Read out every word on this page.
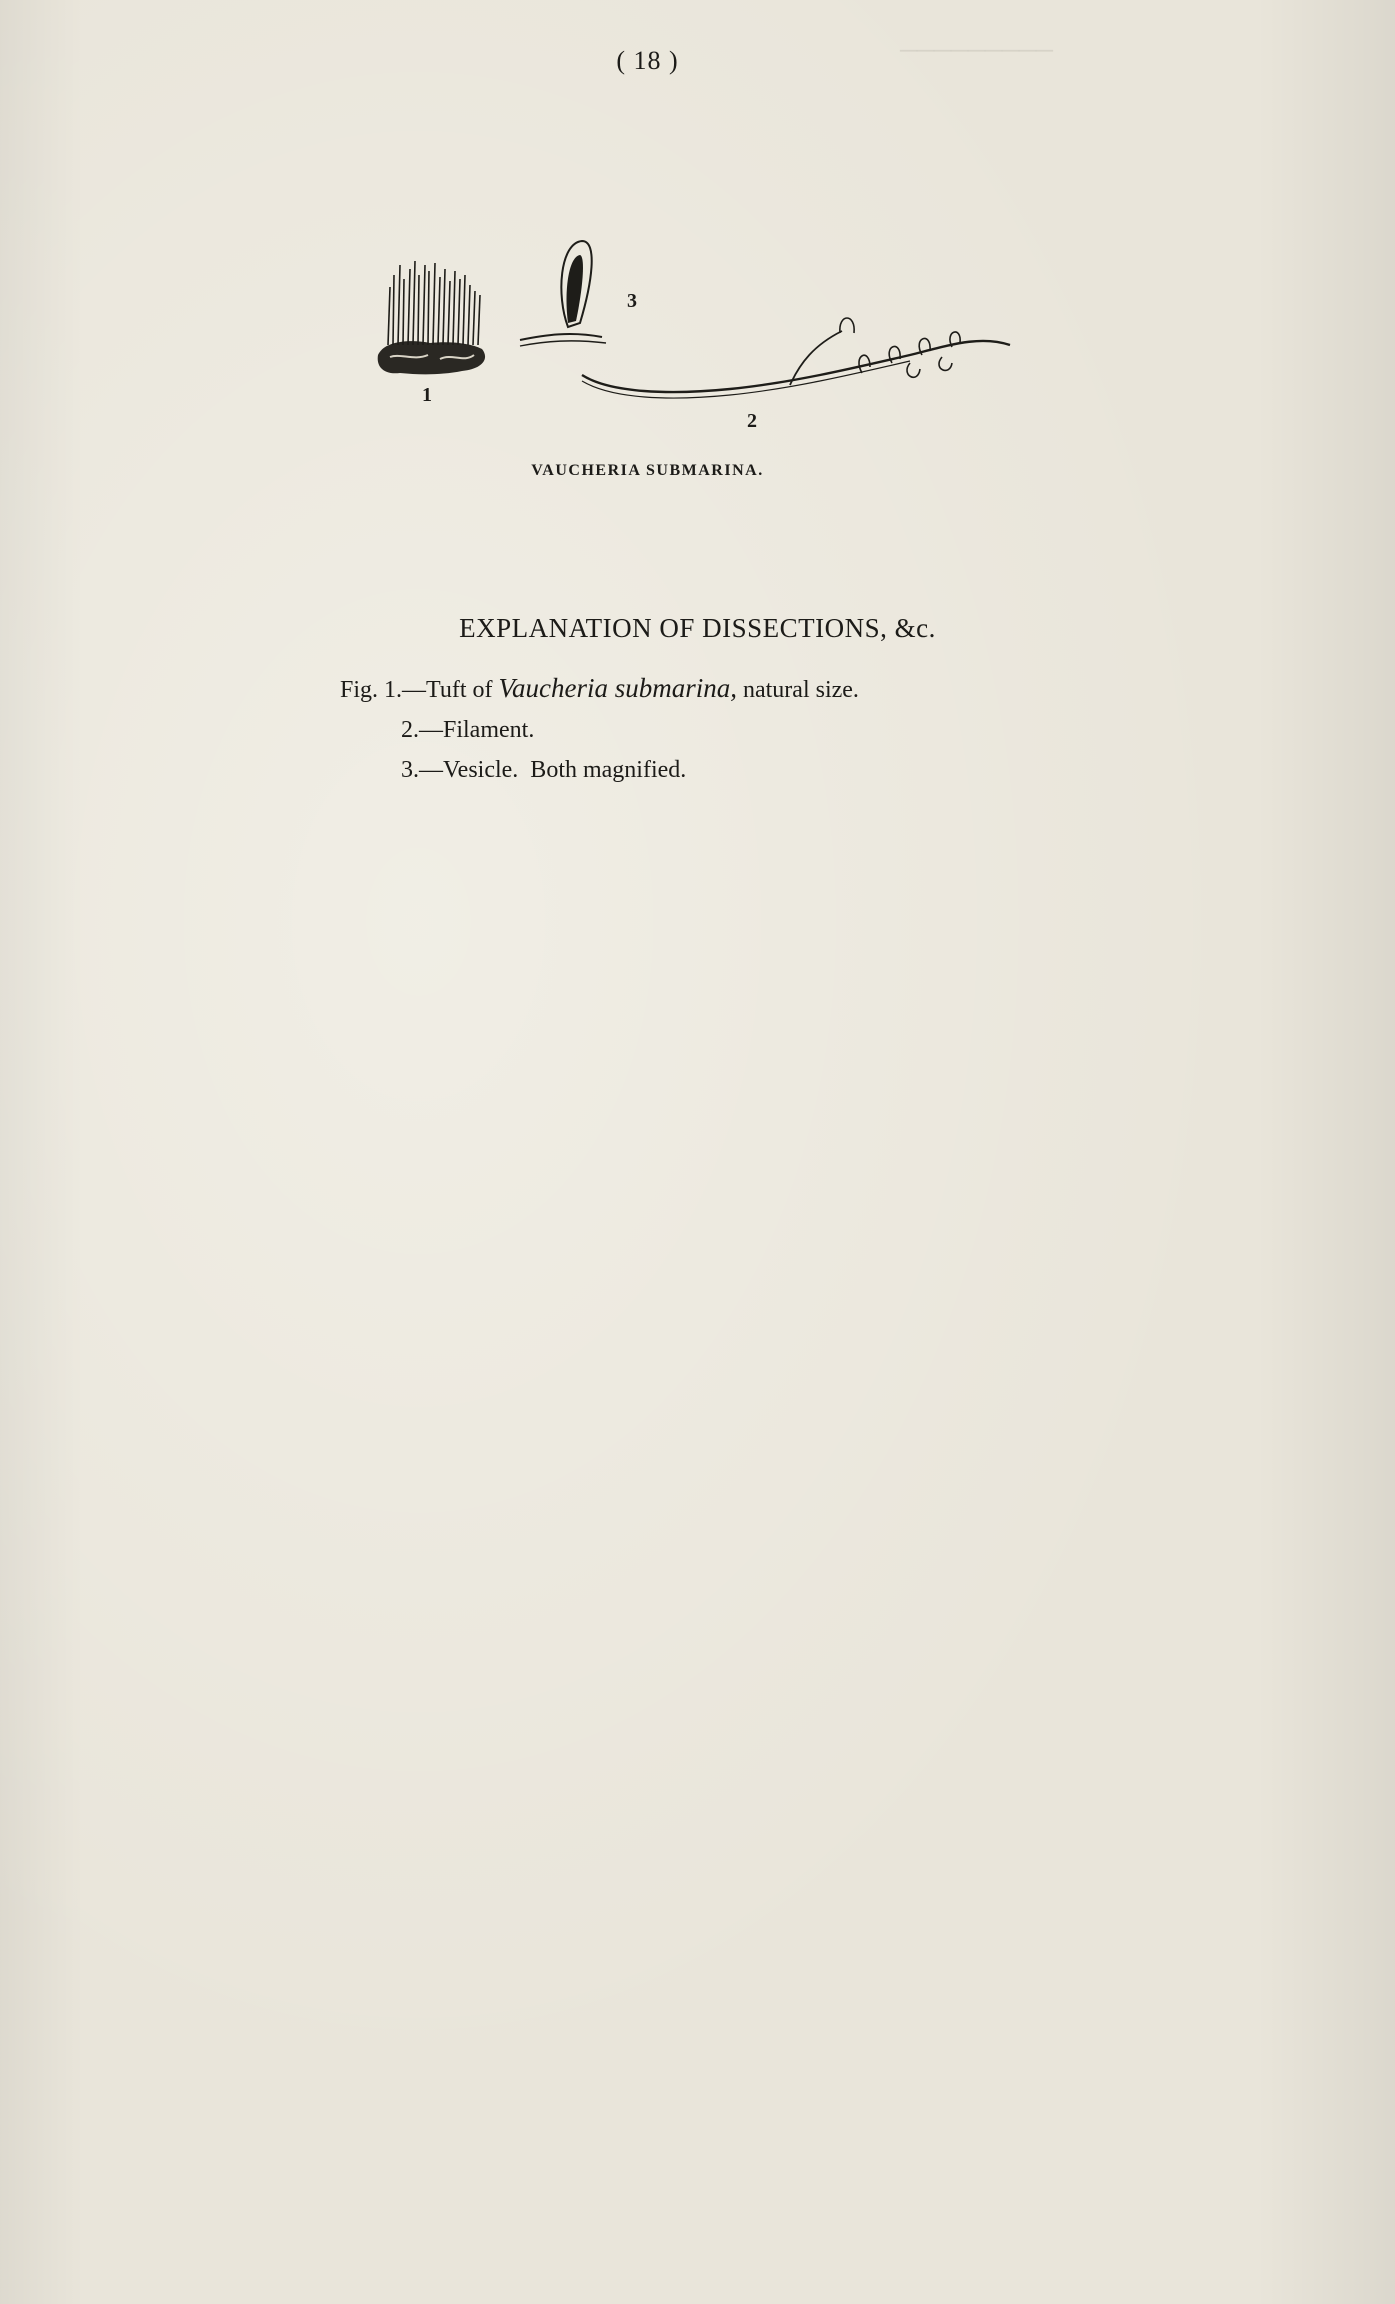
( 18 )	─────────
1
3
2
VAUCHERIA SUBMARINA.
EXPLANATION OF DISSECTIONS, &c.
Fig. 1.—Tuft of Vaucheria submarina, natural size.
2.—Filament.
3.—Vesicle.  Both magnified.
